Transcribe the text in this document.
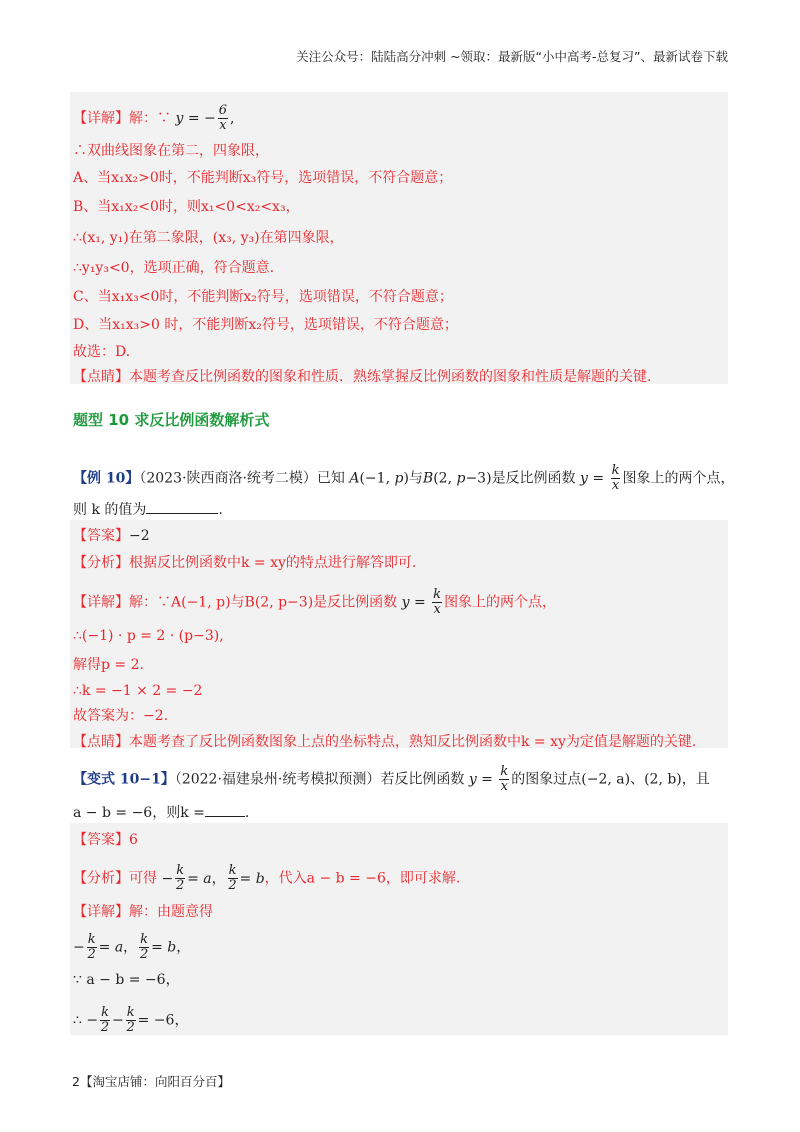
关注公众号：陆陆高分冲刺 ~领取：最新版“小中高考-总复习”、最新试卷下载
【详解】解：∵ y = − $\frac{6}{x}$ ,
∴双曲线图象在第二，四象限，
A、当x₁x₂>0时，不能判断x₃符号，选项错误，不符合题意；
B、当x₁x₂<0时，则x₁<0<x₂<x₃，
∴(x₁, y₁)在第二象限，(x₃, y₃)在第四象限，
∴y₁y₃<0，选项正确，符合题意.
C、当x₁x₃<0时，不能判断x₂符号，选项错误，不符合题意；
D、当x₁x₃>0 时，不能判断x₂符号，选项错误，不符合题意；
故选：D.
【点睛】本题考查反比例函数的图象和性质．熟练掌握反比例函数的图象和性质是解题的关键.
题型 10 求反比例函数解析式
【例 10】（2023·陕西商洛·统考二模）已知 A(−1, p)与B(2, p−3)是反比例函数 $y = \frac{k}{x}$ 图象上的两个点，
则 k 的值为	.
【答案】−2
【分析】根据反比例函数中k = xy的特点进行解答即可.
【详解】解：∵A(−1, p)与B(2, p−3)是反比例函数 $y = \frac{k}{x}$ 图象上的两个点，
∴(−1) · p = 2 · (p−3),
解得p = 2.
∴k = −1 × 2 = −2
故答案为：−2.
【点睛】本题考查了反比例函数图象上点的坐标特点，熟知反比例函数中k = xy为定值是解题的关键.
【变式 10−1】（2022·福建泉州·统考模拟预测）若反比例函数 $y = \frac{k}{x}$ 的图象过点(−2, a)、(2, b)，且
a − b = −6，则k =	.
【答案】6
【分析】可得 − $\frac{k}{2} = a$， $\frac{k}{2} = b$，代入a − b = −6，即可求解.
【详解】解：由题意得
− $\frac{k}{2} = a$， $\frac{k}{2} = b$，
∵ a − b = −6，
∴ − $\frac{k}{2} - \frac{k}{2} = -6$，
2【淘宝店铺：向阳百分百】
